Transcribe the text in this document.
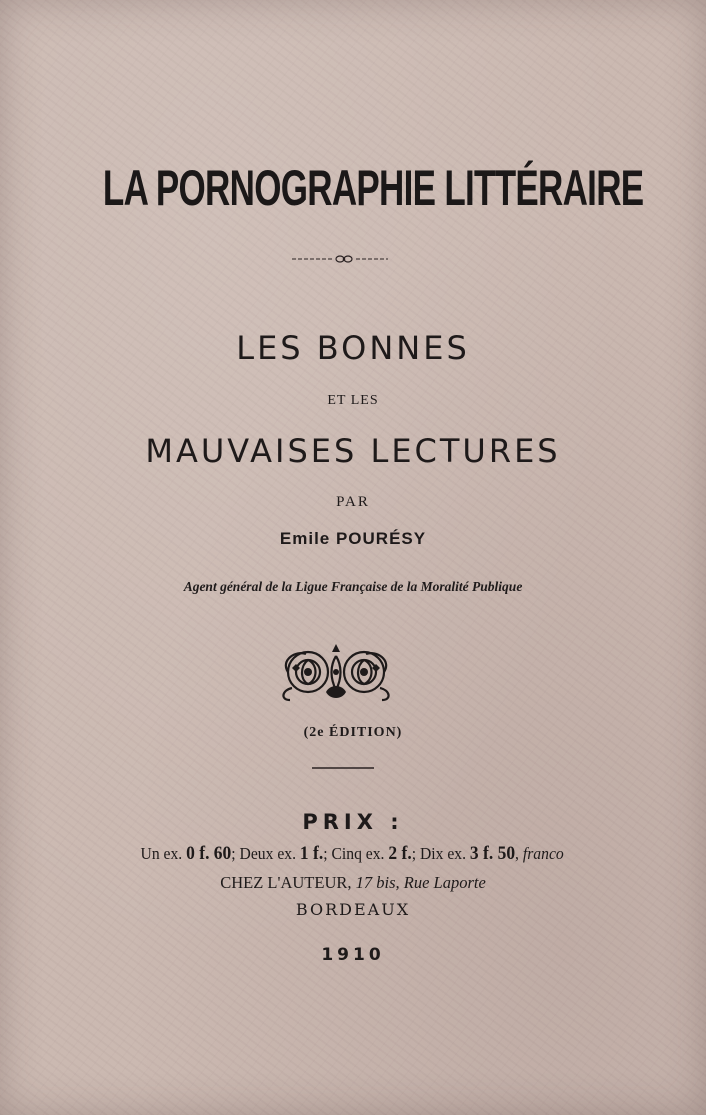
LA PORNOGRAPHIE LITTÉRAIRE
LES BONNES
ET LES
MAUVAISES LECTURES
PAR
Emile POURÉSY
Agent général de la Ligue Française de la Moralité Publique
(2e ÉDITION)
PRIX :
Un ex. 0 f. 60; Deux ex. 1 f.; Cinq ex. 2 f.; Dix ex. 3 f. 50, franco
CHEZ L'AUTEUR, 17 bis, Rue Laporte
BORDEAUX
1910
